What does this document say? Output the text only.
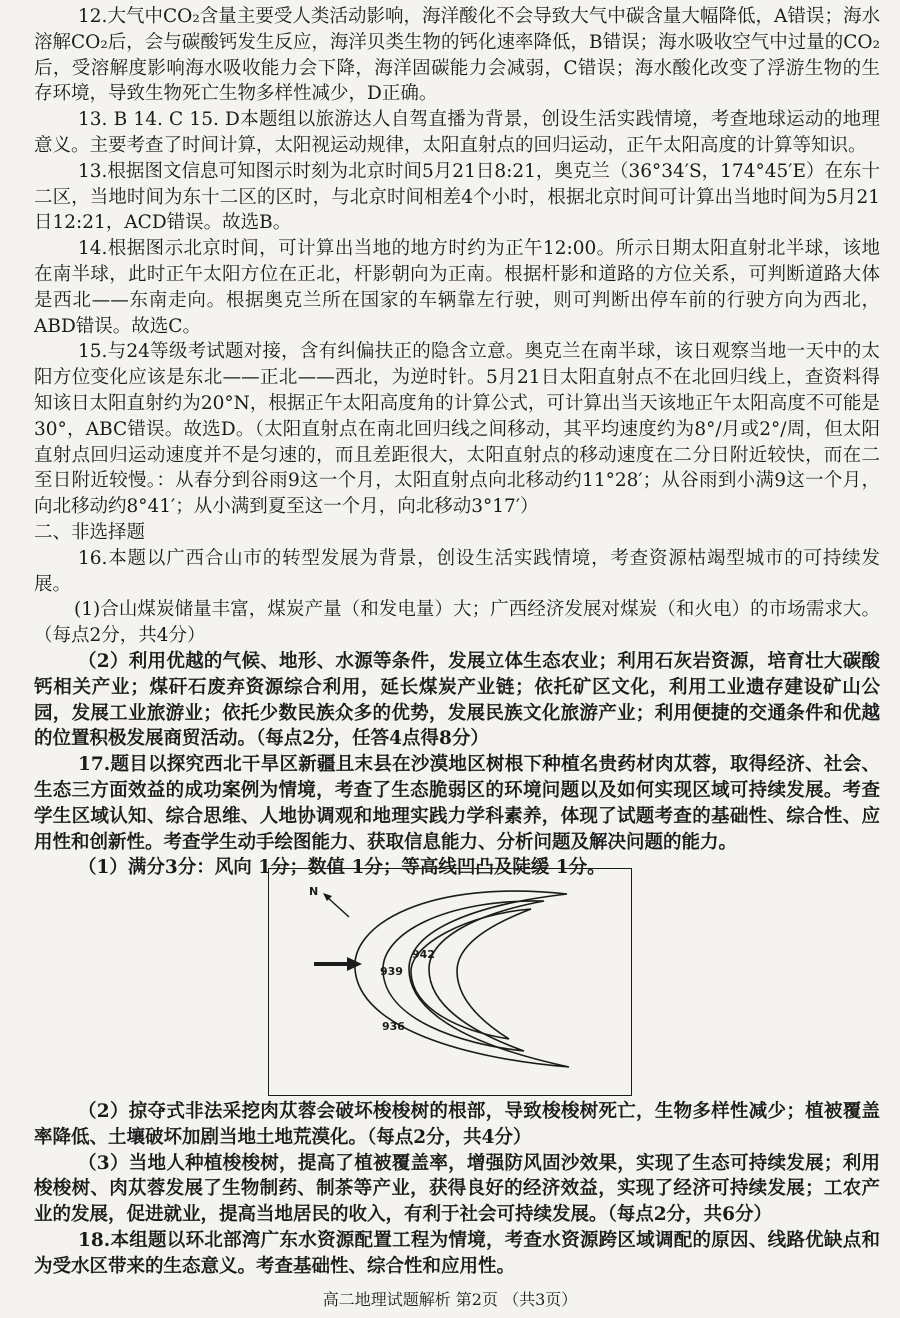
12.大气中CO₂含量主要受人类活动影响，海洋酸化不会导致大气中碳含量大幅降低，A错误；海水溶解CO₂后，会与碳酸钙发生反应，海洋贝类生物的钙化速率降低，B错误；海水吸收空气中过量的CO₂后，受溶解度影响海水吸收能力会下降，海洋固碳能力会减弱，C错误；海水酸化改变了浮游生物的生存环境，导致生物死亡生物多样性减少，D正确。

13. B 14. C 15. D本题组以旅游达人自驾直播为背景，创设生活实践情境，考查地球运动的地理意义。主要考查了时间计算，太阳视运动规律，太阳直射点的回归运动，正午太阳高度的计算等知识。

13.根据图文信息可知图示时刻为北京时间5月21日8:21，奥克兰（36°34′S，174°45′E）在东十二区，当地时间为东十二区的区时，与北京时间相差4个小时，根据北京时间可计算出当地时间为5月21日12:21，ACD错误。故选B。

14.根据图示北京时间，可计算出当地的地方时约为正午12:00。所示日期太阳直射北半球，该地在南半球，此时正午太阳方位在正北，杆影朝向为正南。根据杆影和道路的方位关系，可判断道路大体是西北——东南走向。根据奥克兰所在国家的车辆靠左行驶，则可判断出停车前的行驶方向为西北，ABD错误。故选C。

15.与24等级考试题对接，含有纠偏扶正的隐含立意。奥克兰在南半球，该日观察当地一天中的太阳方位变化应该是东北——正北——西北，为逆时针。5月21日太阳直射点不在北回归线上，查资料得知该日太阳直射约为20°N，根据正午太阳高度角的计算公式，可计算出当天该地正午太阳高度不可能是30°，ABC错误。故选D。（太阳直射点在南北回归线之间移动，其平均速度约为8°/月或2°/周，但太阳直射点回归运动速度并不是匀速的，而且差距很大，太阳直射点的移动速度在二分日附近较快，而在二至日附近较慢。：从春分到谷雨9这一个月，太阳直射点向北移动约11°28′；从谷雨到小满9这一个月，向北移动约8°41′；从小满到夏至这一个月，向北移动3°17′）

二、非选择题

16.本题以广西合山市的转型发展为背景，创设生活实践情境，考查资源枯竭型城市的可持续发展。

(1)合山煤炭储量丰富，煤炭产量（和发电量）大；广西经济发展对煤炭（和火电）的市场需求大。（每点2分，共4分）

（2）利用优越的气候、地形、水源等条件，发展立体生态农业；利用石灰岩资源，培育壮大碳酸钙相关产业；煤矸石废弃资源综合利用，延长煤炭产业链；依托矿区文化，利用工业遗存建设矿山公园，发展工业旅游业；依托少数民族众多的优势，发展民族文化旅游产业；利用便捷的交通条件和优越的位置积极发展商贸活动。（每点2分，任答4点得8分）

17.题目以探究西北干旱区新疆且末县在沙漠地区树根下种植名贵药材肉苁蓉，取得经济、社会、生态三方面效益的成功案例为情境，考查了生态脆弱区的环境问题以及如何实现区域可持续发展。考查学生区域认知、综合思维、人地协调观和地理实践力学科素养，体现了试题考查的基础性、综合性、应用性和创新性。考查学生动手绘图能力、获取信息能力、分析问题及解决问题的能力。

（1）满分3分：风向 1分；数值 1分；等高线凹凸及陡缓 1分。

N
942
939
936

（2）掠夺式非法采挖肉苁蓉会破坏梭梭树的根部，导致梭梭树死亡，生物多样性减少；植被覆盖率降低、土壤破坏加剧当地土地荒漠化。（每点2分，共4分）

（3）当地人种植梭梭树，提高了植被覆盖率，增强防风固沙效果，实现了生态可持续发展；利用梭梭树、肉苁蓉发展了生物制药、制茶等产业，获得良好的经济效益，实现了经济可持续发展；工农产业的发展，促进就业，提高当地居民的收入，有利于社会可持续发展。（每点2分，共6分）

18.本组题以环北部湾广东水资源配置工程为情境，考查水资源跨区域调配的原因、线路优缺点和为受水区带来的生态意义。考查基础性、综合性和应用性。

高二地理试题解析 第2页 （共3页）
